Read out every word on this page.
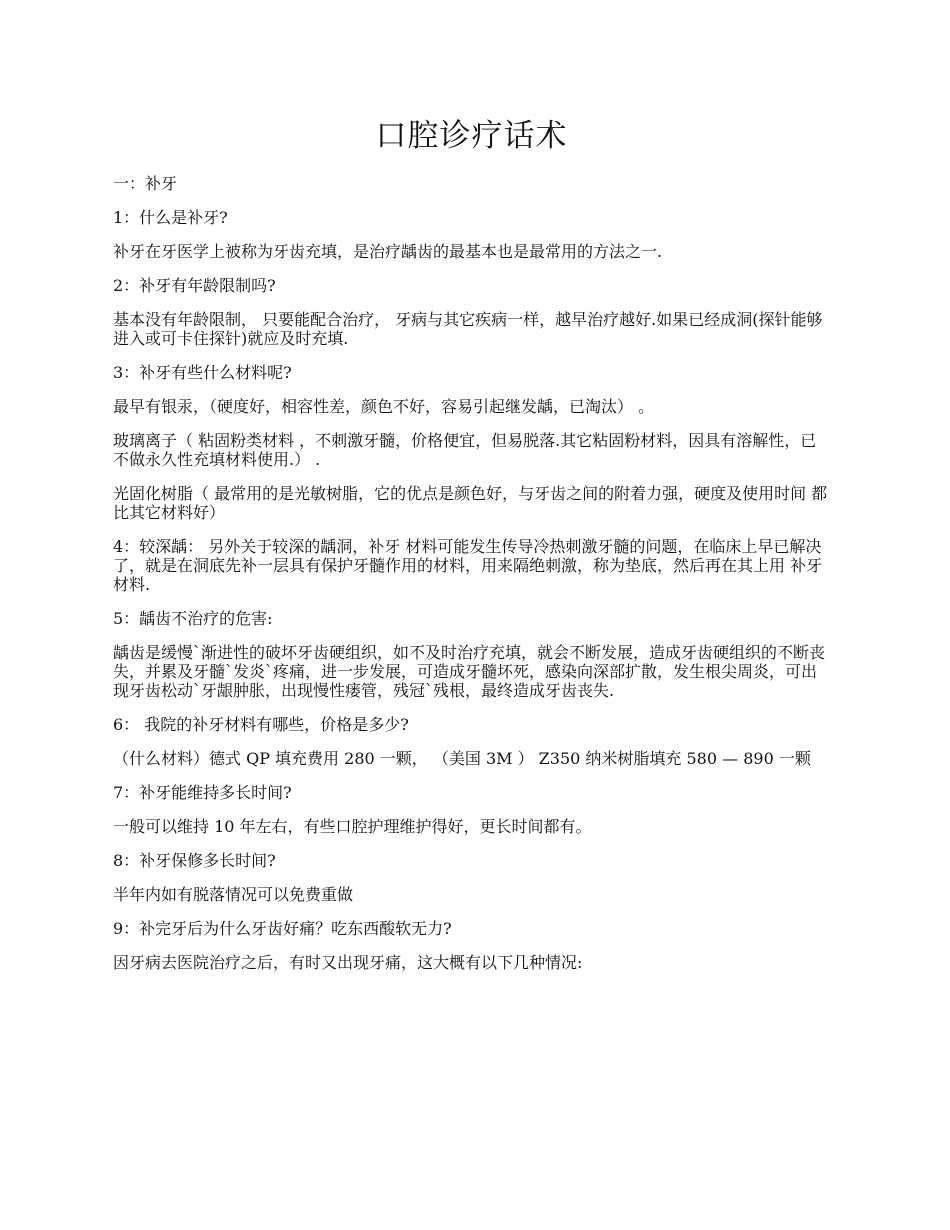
口腔诊疗话术
一：补牙
1：什么是补牙?
补牙在牙医学上被称为牙齿充填，是治疗龋齿的最基本也是最常用的方法之一.
2：补牙有年龄限制吗?
基本没有年龄限制， 只要能配合治疗， 牙病与其它疾病一样，越早治疗越好.如果已经成洞(探针能够进入或可卡住探针)就应及时充填.
3：补牙有些什么材料呢?
最早有银汞，（硬度好，相容性差，颜色不好，容易引起继发龋，已淘汰） 。
玻璃离子（ 粘固粉类材料 ，不刺激牙髓，价格便宜，但易脱落.其它粘固粉材料，因具有溶解性，已不做永久性充填材料使用.） .
光固化树脂（ 最常用的是光敏树脂，它的优点是颜色好，与牙齿之间的附着力强，硬度及使用时间 都比其它材料好）
4：较深龋： 另外关于较深的龋洞，补牙 材料可能发生传导冷热刺激牙髓的问题，在临床上早已解决了，就是在洞底先补一层具有保护牙髓作用的材料，用来隔绝刺激，称为垫底，然后再在其上用 补牙材料.
5：龋齿不治疗的危害:
龋齿是缓慢`渐进性的破坏牙齿硬组织，如不及时治疗充填，就会不断发展，造成牙齿硬组织的不断丧失，并累及牙髓`发炎`疼痛，进一步发展，可造成牙髓坏死，感染向深部扩散，发生根尖周炎，可出现牙齿松动`牙龈肿胀，出现慢性瘘管，残冠`残根，最终造成牙齿丧失.
6： 我院的补牙材料有哪些，价格是多少?
（什么材料）德式 QP 填充费用 280 一颗， （美国 3M ） Z350 纳米树脂填充 580 — 890 一颗
7：补牙能维持多长时间?
一般可以维持 10 年左右，有些口腔护理维护得好，更长时间都有。
8：补牙保修多长时间?
半年内如有脱落情况可以免费重做
9：补完牙后为什么牙齿好痛？吃东西酸软无力?
因牙病去医院治疗之后，有时又出现牙痛，这大概有以下几种情况:
